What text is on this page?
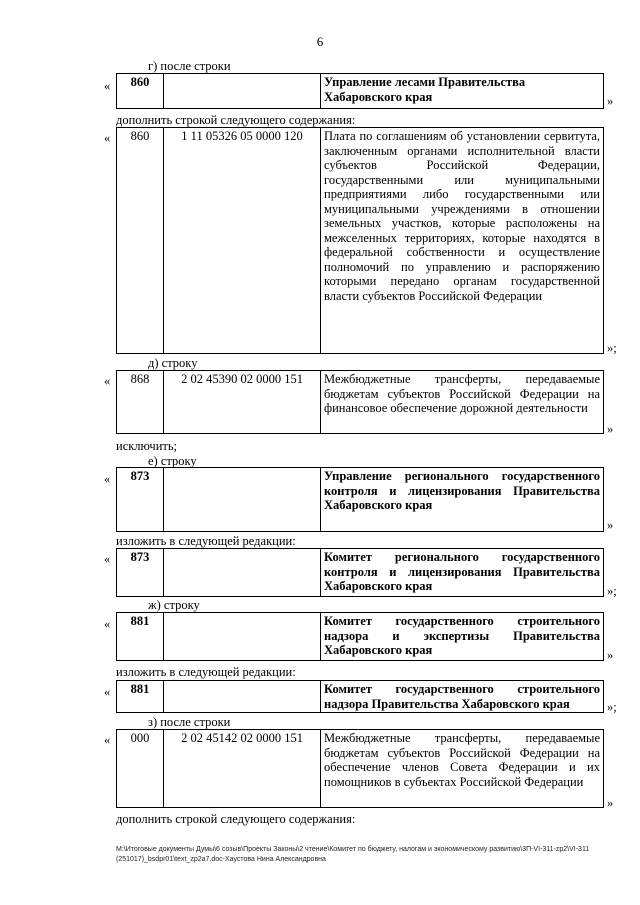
6
г) после строки
« 860		Управление лесами Правительства
Хабаровского края	»
дополнить строкой следующего содержания:
« 860	1 11 05326 05 0000 120	Плата по соглашениям об установлении сервитута, заключенным органами исполнительной власти субъектов Российской Федерации, государственными или муниципальными предприятиями либо государственными или муниципальными учреждениями в отношении земельных участков, которые расположены на межселенных территориях, которые находятся в федеральной собственности и осуществление полномочий по управлению и распоряжению которыми передано органам государственной власти субъектов Российской Федерации
»;
д) строку
« 868	2 02 45390 02 0000 151	Межбюджетные трансферты, передаваемые бюджетам субъектов Российской Федерации на финансовое обеспечение дорожной деятельности
»
исключить;
е) строку
« 873		Управление регионального государственного контроля и лицензирования Правительства Хабаровского края
»
изложить в следующей редакции:
« 873		Комитет регионального государственного контроля и лицензирования Правительства Хабаровского края	»;
ж) строку
« 881		Комитет государственного строительного надзора и экспертизы Правительства Хабаровского края	»
изложить в следующей редакции:
« 881		Комитет государственного строительного надзора Правительства Хабаровского края	»;
з) после строки
« 000	2 02 45142 02 0000 151	Межбюджетные трансферты, передаваемые бюджетам субъектов Российской Федерации на обеспечение членов Совета Федерации и их помощников в субъектах Российской Федерации
»
дополнить строкой следующего содержания:
M:\Итоговые документы Думы\6 созыв\Проекты Законы\2 чтение\Комитет по бюджету, налогам и экономическому развитию\3П-VI-311-zp2\VI-311 (251017)_bsdpr01\text_zp2a7.doc-Хаустова Нина Александровна
